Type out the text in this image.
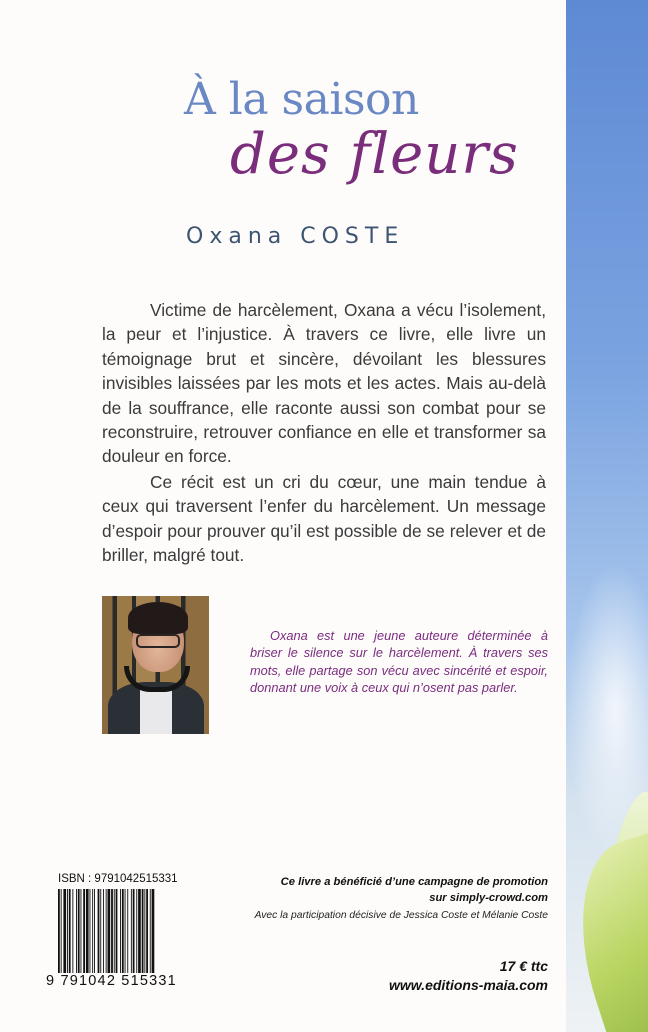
À la saison
des fleurs
Oxana COSTE

Victime de harcèlement, Oxana a vécu l’isolement, la peur et l’injustice. À travers ce livre, elle livre un témoignage brut et sincère, dévoilant les blessures invisibles laissées par les mots et les actes. Mais au-delà de la souffrance, elle raconte aussi son combat pour se reconstruire, retrouver confiance en elle et transformer sa douleur en force.

Ce récit est un cri du cœur, une main tendue à ceux qui traversent l’enfer du harcèlement. Un message d’espoir pour prouver qu’il est possible de se relever et de briller, malgré tout.

Oxana est une jeune auteure déterminée à briser le silence sur le harcèlement. À travers ses mots, elle partage son vécu avec sincérité et espoir, donnant une voix à ceux qui n’osent pas parler.
ISBN : 9791042515331
9 791042 515331
Ce livre a bénéficié d’une campagne de promotion
sur simply-crowd.com
Avec la participation décisive de Jessica Coste et Mélanie Coste
17 € ttc
www.editions-maia.com
